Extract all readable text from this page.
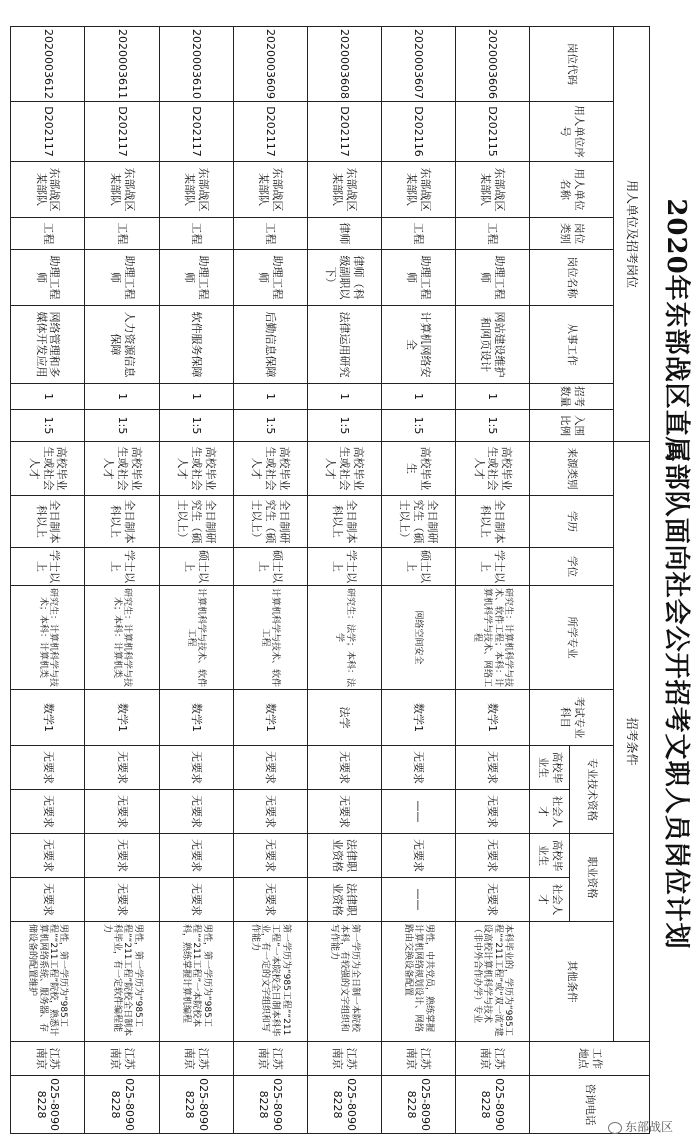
2020年东部战区直属部队面向社会公开招考文职人员岗位计划
用人单位及招考岗位								招考条件										工作地点	咨询电话
岗位代码	用人单位序号	用人单位名称	岗位类别	岗位名称	从事工作	招考数量	入围比例	来源类别	学历	学位	所学专业	考试专业科目	专业技术资格		职业资格		其他条件		
													高校毕业生	社会人才	高校毕业生	社会人才			
2020003606	D202115	东部战区某部队	工程	助理工程师	网站建设维护和网页设计	1	1:5	高校毕业生或社会人才	全日制本科以上	学士以上	研究生：计算机科学与技术、软件工程；本科：计算机科学与技术、网络工程	数学1	无要求	无要求	无要求	无要求	本科毕业的，学历为“985工程”“211工程”或“双一流”建设高校计算机科学与技术（非中外合作办学）专业	江苏南京	025-80908228
2020003607	D202116	东部战区某部队	工程	助理工程师	计算机网络安全	1	1:5	高校毕业生	全日制研究生（硕士以上）	硕士以上	网络空间安全	数学1	无要求	——	无要求	——	男性，中共党员，熟练掌握计算机网络规划设计、网络路由交换设备配置	江苏南京	025-80908228
2020003608	D202117	东部战区某部队	律师	律师（科级副职以下）	法律运用研究	1	1:5	高校毕业生或社会人才	全日制本科以上	学士以上	研究生：法学；本科：法学	法学	无要求	无要求	法律职业资格	法律职业资格	第一学历为全日制一本院校本科，有较强的文字组织和写作能力	江苏南京	025-80908228
2020003609	D202117	东部战区某部队	工程	助理工程师	后勤信息保障	1	1:5	高校毕业生或社会人才	全日制研究生（硕士以上）	硕士以上	计算机科学与技术、软件工程	数学1	无要求	无要求	无要求	无要求	第一学历为“985工程”“211工程”一本院校全日制本科毕业，有一定的文字组织和写作能力	江苏南京	025-80908228
2020003610	D202117	东部战区某部队	工程	助理工程师	软件服务保障	1	1:5	高校毕业生或社会人才	全日制研究生（硕士以上）	硕士以上	计算机科学与技术、软件工程	数学1	无要求	无要求	无要求	无要求	男性，第一学历为“985工程”“211工程”一本院校本科，熟练掌握计算机编程	江苏南京	025-80908228
2020003611	D202117	东部战区某部队	工程	助理工程师	人力资源信息保障	1	1:5	高校毕业生或社会人才	全日制本科以上	学士以上	研究生：计算机科学与技术；本科：计算机类	数学1	无要求	无要求	无要求	无要求	男性，第一学历为“985工程”“211工程”院校全日制本科毕业，有一定软件编程能力	江苏南京	025-80908228
2020003612	D202117	东部战区某部队	工程	助理工程师	网络管理和多媒体开发应用	1	1:5	高校毕业生或社会人才	全日制本科以上	学士以上	研究生：计算机科学与技术；本科：计算机类	数学1	无要求	无要求	无要求	无要求	男性，第一学历为“985工程”“211工程”院校，熟悉计算机网络系统、服务器、存储设备的配置维护	江苏南京	025-80908228
东部战区
